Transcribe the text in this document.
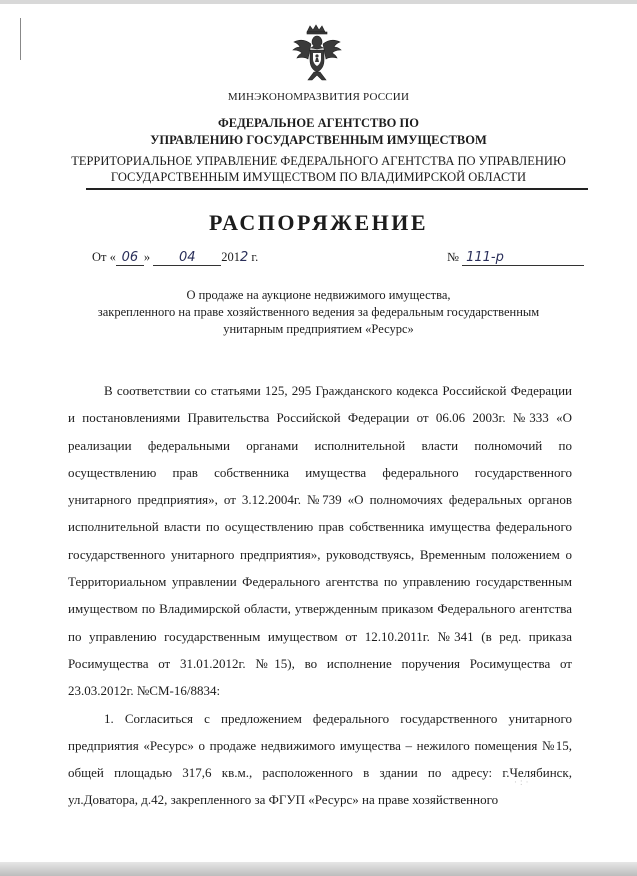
МИНЭКОНОМРАЗВИТИЯ РОССИИ
ФЕДЕРАЛЬНОЕ АГЕНТСТВО ПО
УПРАВЛЕНИЮ ГОСУДАРСТВЕННЫМ ИМУЩЕСТВОМ
ТЕРРИТОРИАЛЬНОЕ УПРАВЛЕНИЕ ФЕДЕРАЛЬНОГО АГЕНТСТВА ПО УПРАВЛЕНИЮ
ГОСУДАРСТВЕННЫМ ИМУЩЕСТВОМ ПО ВЛАДИМИРСКОЙ ОБЛАСТИ
РАСПОРЯЖЕНИЕ
От « 06 » 04 2012 г.	№ 111-р
О продаже на аукционе недвижимого имущества,
закрепленного на праве хозяйственного ведения за федеральным государственным
унитарным предприятием «Ресурс»

В соответствии со статьями 125, 295 Гражданского кодекса Российской Федерации и постановлениями Правительства Российской Федерации от 06.06 2003г. №333 «О реализации федеральными органами исполнительной власти полномочий по осуществлению прав собственника имущества федерального государственного унитарного предприятия», от 3.12.2004г. №739 «О полномочиях федеральных органов исполнительной власти по осуществлению прав собственника имущества федерального государственного унитарного предприятия», руководствуясь, Временным положением о Территориальном управлении Федерального агентства по управлению государственным имуществом по Владимирской области, утвержденным приказом Федерального агентства по управлению государственным имуществом от 12.10.2011г. №341 (в ред. приказа Росимущества от 31.01.2012г. №15), во исполнение поручения Росимущества от 23.03.2012г. №СМ-16/8834:

1. Согласиться с предложением федерального государственного унитарного предприятия «Ресурс» о продаже недвижимого имущества – нежилого помещения №15, общей площадью 317,6 кв.м., расположенного в здании по адресу: г.Челябинск, ул.Доватора, д.42, закрепленного за ФГУП «Ресурс» на праве хозяйственного

· : ·
